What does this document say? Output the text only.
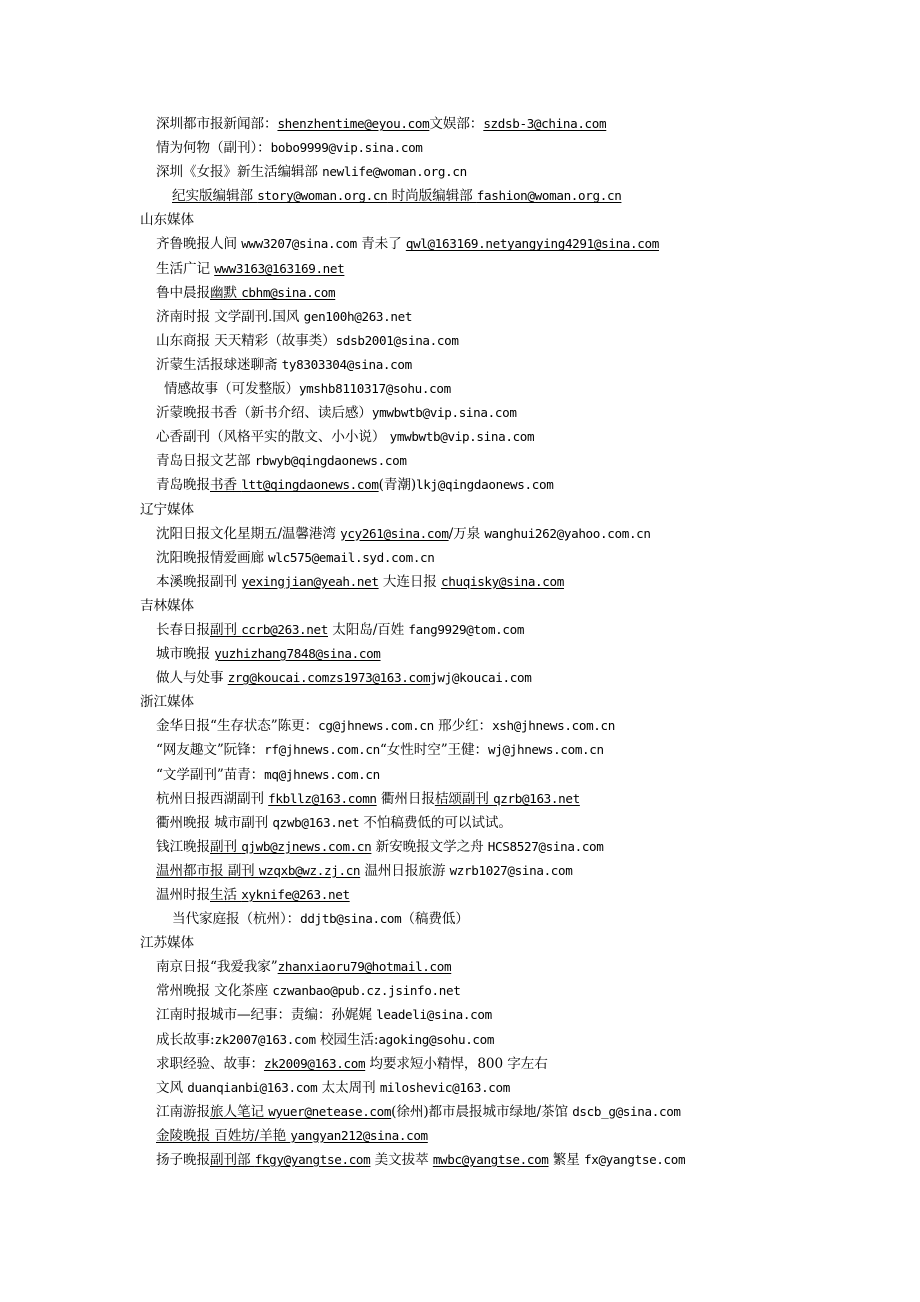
深圳都市报新闻部：shenzhentime@eyou.com文娱部：szdsb-3@china.com
情为何物（副刊）：bobo9999@vip.sina.com
深圳《女报》新生活编辑部 newlife@woman.org.cn
纪实版编辑部 story@woman.org.cn 时尚版编辑部 fashion@woman.org.cn
山东媒体
齐鲁晚报人间 www3207@sina.com 青未了 qwl@163169.netyangying4291@sina.com
生活广记 www3163@163169.net
鲁中晨报幽默 cbhm@sina.com
济南时报 文学副刊.国风 gen100h@263.net
山东商报 天天精彩（故事类）sdsb2001@sina.com
沂蒙生活报球迷聊斋 ty8303304@sina.com
情感故事（可发整版）ymshb8110317@sohu.com
沂蒙晚报书香（新书介绍、读后感）ymwbwtb@vip.sina.com
心香副刊（风格平实的散文、小小说） ymwbwtb@vip.sina.com
青岛日报文艺部 rbwyb@qingdaonews.com
青岛晚报书香 ltt@qingdaonews.com(青潮)lkj@qingdaonews.com
辽宁媒体
沈阳日报文化星期五/温馨港湾 ycy261@sina.com/万泉 wanghui262@yahoo.com.cn
沈阳晚报情爱画廊 wlc575@email.syd.com.cn
本溪晚报副刊 yexingjian@yeah.net 大连日报 chuqisky@sina.com
吉林媒体
长春日报副刊 ccrb@263.net 太阳岛/百姓 fang9929@tom.com
城市晚报 yuzhizhang7848@sina.com
做人与处事 zrg@koucai.comzs1973@163.comjwj@koucai.com
浙江媒体
金华日报“生存状态”陈更：cg@jhnews.com.cn 邢少红：xsh@jhnews.com.cn
“网友趣文”阮锋：rf@jhnews.com.cn“女性时空”王健：wj@jhnews.com.cn
“文学副刊”苗青：mq@jhnews.com.cn
杭州日报西湖副刊 fkbllz@163.comn 衢州日报桔颂副刊 qzrb@163.net
衢州晚报 城市副刊 qzwb@163.net 不怕稿费低的可以试试。
钱江晚报副刊 qjwb@zjnews.com.cn 新安晚报文学之舟 HCS8527@sina.com
温州都市报 副刊 wzqxb@wz.zj.cn 温州日报旅游 wzrb1027@sina.com
温州时报生活 xyknife@263.net
当代家庭报（杭州）：ddjtb@sina.com（稿费低）
江苏媒体
南京日报“我爱我家”zhanxiaoru79@hotmail.com
常州晚报 文化茶座 czwanbao@pub.cz.jsinfo.net
江南时报城市—纪事：责编：孙娓娓 leadeli@sina.com
成长故事:zk2007@163.com 校园生活:agoking@sohu.com
求职经验、故事：zk2009@163.com 均要求短小精悍，800 字左右
文风 duanqianbi@163.com 太太周刊 miloshevic@163.com
江南游报旅人笔记 wyuer@netease.com(徐州)都市晨报城市绿地/茶馆 dscb_g@sina.com
金陵晚报 百姓坊/羊艳 yangyan212@sina.com
扬子晚报副刊部 fkgy@yangtse.com 美文拔萃 mwbc@yangtse.com 繁星 fx@yangtse.com
